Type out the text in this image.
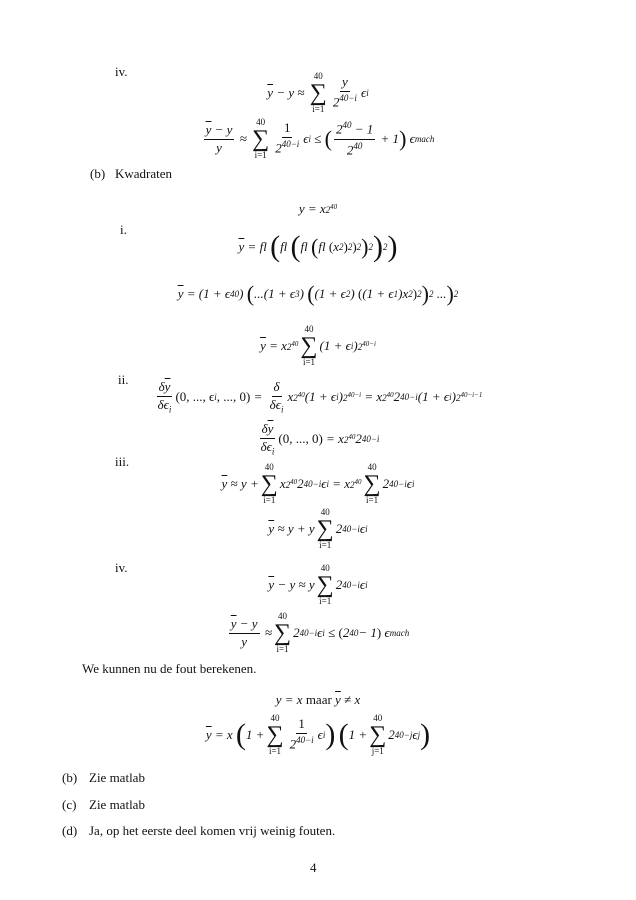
iv.
$\overline{y} - y$ ≈
40
∑
$i=1 \frac{y}{2^{40-i}}$ ϵ i
$\frac{\overline{y} - y}{y}$ ≈
40
∑
$i=1 \frac{1}{2^{40-i}}$ ϵ i ≤ ( $\frac{2^{40} - 1}{2^{40}} + 1$ ) ϵ mach
(b) Kwadraten
y = x $2^{40}$
i.
$\overline{y}$ = fl
( fl
( fl
( fl
( x 2 ) 2 ) 2 ) 2 ) 2 )
$\overline{y} = (1 + \epsilon$ 40 ) ( ... (1 + ϵ 3 ) ( (1 + ϵ 2 ) ( (1 + ϵ 1 )x 2 ) 2 ) 2
... ) 2
$\overline{y} = x$ $2^{40}$
40
∑
i=1
(1 + ϵ i ) $2^{40-i}$
ii.
$\frac{\delta\overline{y}}{\delta\epsilon_i} (0$, ..., ϵ i , ..., $0) = \frac{\delta}{\delta\epsilon_i}$ x $2^{40}$ (1 + ϵ i ) $2^{40-i} = x$ $2^{40}$ 2 40−i (1 + ϵ i ) $2^{40-i-1}$
$\frac{\delta\overline{y}}{\delta\epsilon_i} (0$, ..., 0) = x $2^{40}$ 2 40−i
iii.
$\overline{y} \approx y$ +
40
∑
i=1
x $2^{40}$ 2 40−i ϵ i = x $2^{40}$
40
∑
i=1
2 40−i ϵ i
$\overline{y} \approx y + y$
40
∑
i=1
2 40−i ϵ i
iv.
$\overline{y} - y \approx y$
40
∑
i=1
2 40−i ϵ i
$\frac{\overline{y} - y}{y}$ ≈
40
∑
i=1
2 40−i ϵ i ≤ ( 2 40 − 1 ) ϵ mach
We kunnen nu de fout berekenen.
y = x maar
$\overline{y} \ne x$
$\overline{y} = x$ ( 1 +
40
∑
$i=1 \frac{1}{2^{40-i}}$ ϵ i )
( 1 +
40
∑
j=1
2 40−j ϵ j )
(b) Zie matlab
(c) Zie matlab
(d) Ja, op het eerste deel komen vrij weinig fouten.
4
